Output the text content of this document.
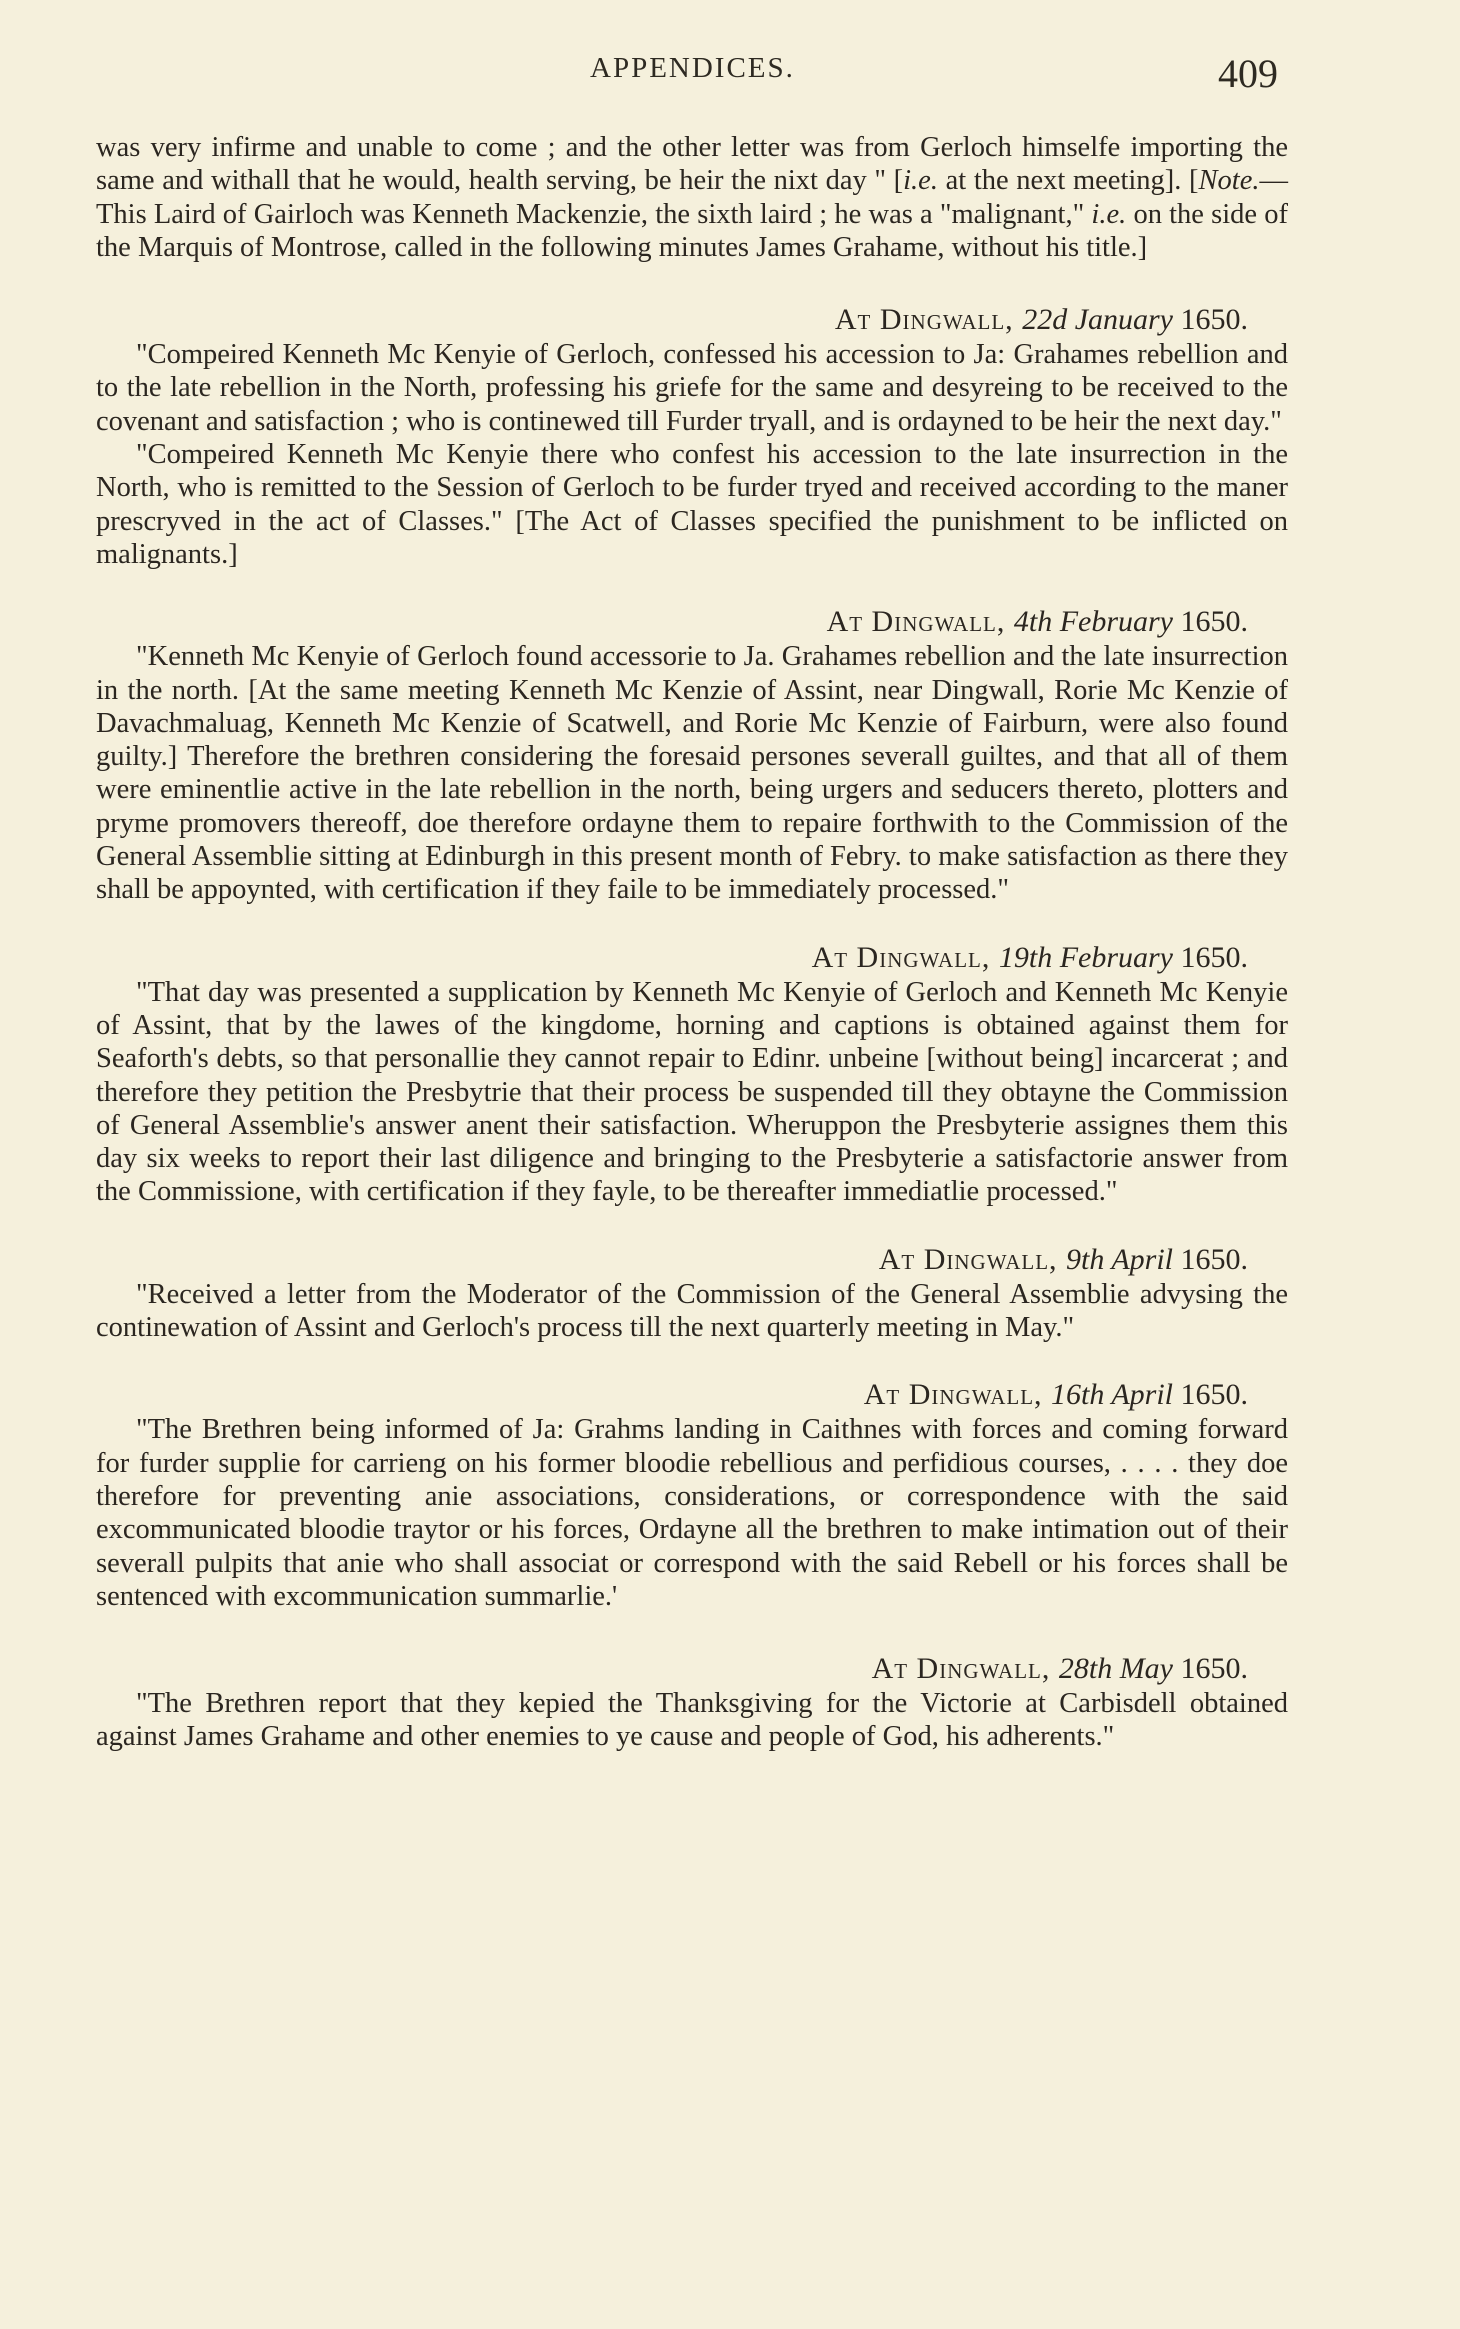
APPENDICES.	409

was very infirme and unable to come ; and the other letter was from Gerloch himselfe importing the same and withall that he would, health serving, be heir the nixt day " [i.e. at the next meeting]. [Note.—This Laird of Gairloch was Kenneth Mackenzie, the sixth laird ; he was a "malignant," i.e. on the side of the Marquis of Montrose, called in the following minutes James Grahame, without his title.]

At Dingwall, 22d January 1650.

"Compeired Kenneth Mc Kenyie of Gerloch, confessed his accession to Ja: Grahames rebellion and to the late rebellion in the North, professing his griefe for the same and desyreing to be received to the covenant and satisfaction ; who is continewed till Furder tryall, and is ordayned to be heir the next day."

"Compeired Kenneth Mc Kenyie there who confest his accession to the late insurrection in the North, who is remitted to the Session of Gerloch to be furder tryed and received according to the maner prescryved in the act of Classes." [The Act of Classes specified the punishment to be inflicted on malignants.]

At Dingwall, 4th February 1650.

"Kenneth Mc Kenyie of Gerloch found accessorie to Ja. Grahames rebellion and the late insurrection in the north. [At the same meeting Kenneth Mc Kenzie of Assint, near Dingwall, Rorie Mc Kenzie of Davachmaluag, Kenneth Mc Kenzie of Scatwell, and Rorie Mc Kenzie of Fairburn, were also found guilty.] Therefore the brethren considering the foresaid persones severall guiltes, and that all of them were eminentlie active in the late rebellion in the north, being urgers and seducers thereto, plotters and pryme promovers thereoff, doe therefore ordayne them to repaire forthwith to the Commission of the General Assemblie sitting at Edinburgh in this present month of Febry. to make satisfaction as there they shall be appoynted, with certification if they faile to be immediately processed."

At Dingwall, 19th February 1650.

"That day was presented a supplication by Kenneth Mc Kenyie of Gerloch and Kenneth Mc Kenyie of Assint, that by the lawes of the kingdome, horning and captions is obtained against them for Seaforth's debts, so that personallie they cannot repair to Edinr. unbeine [without being] incarcerat ; and therefore they petition the Presbytrie that their process be suspended till they obtayne the Commission of General Assemblie's answer anent their satisfaction. Wheruppon the Presbyterie assignes them this day six weeks to report their last diligence and bringing to the Presbyterie a satisfactorie answer from the Commissione, with certification if they fayle, to be thereafter immediatlie processed."

At Dingwall, 9th April 1650.

"Received a letter from the Moderator of the Commission of the General Assemblie advysing the continewation of Assint and Gerloch's process till the next quarterly meeting in May."

At Dingwall, 16th April 1650.

"The Brethren being informed of Ja: Grahms landing in Caithnes with forces and coming forward for furder supplie for carrieng on his former bloodie rebellious and perfidious courses, . . . . they doe therefore for preventing anie associations, considerations, or correspondence with the said excommunicated bloodie traytor or his forces, Ordayne all the brethren to make intimation out of their severall pulpits that anie who shall associat or correspond with the said Rebell or his forces shall be sentenced with excommunication summarlie.'

At Dingwall, 28th May 1650.

"The Brethren report that they kepied the Thanksgiving for the Victorie at Carbisdell obtained against James Grahame and other enemies to ye cause and people of God, his adherents."
